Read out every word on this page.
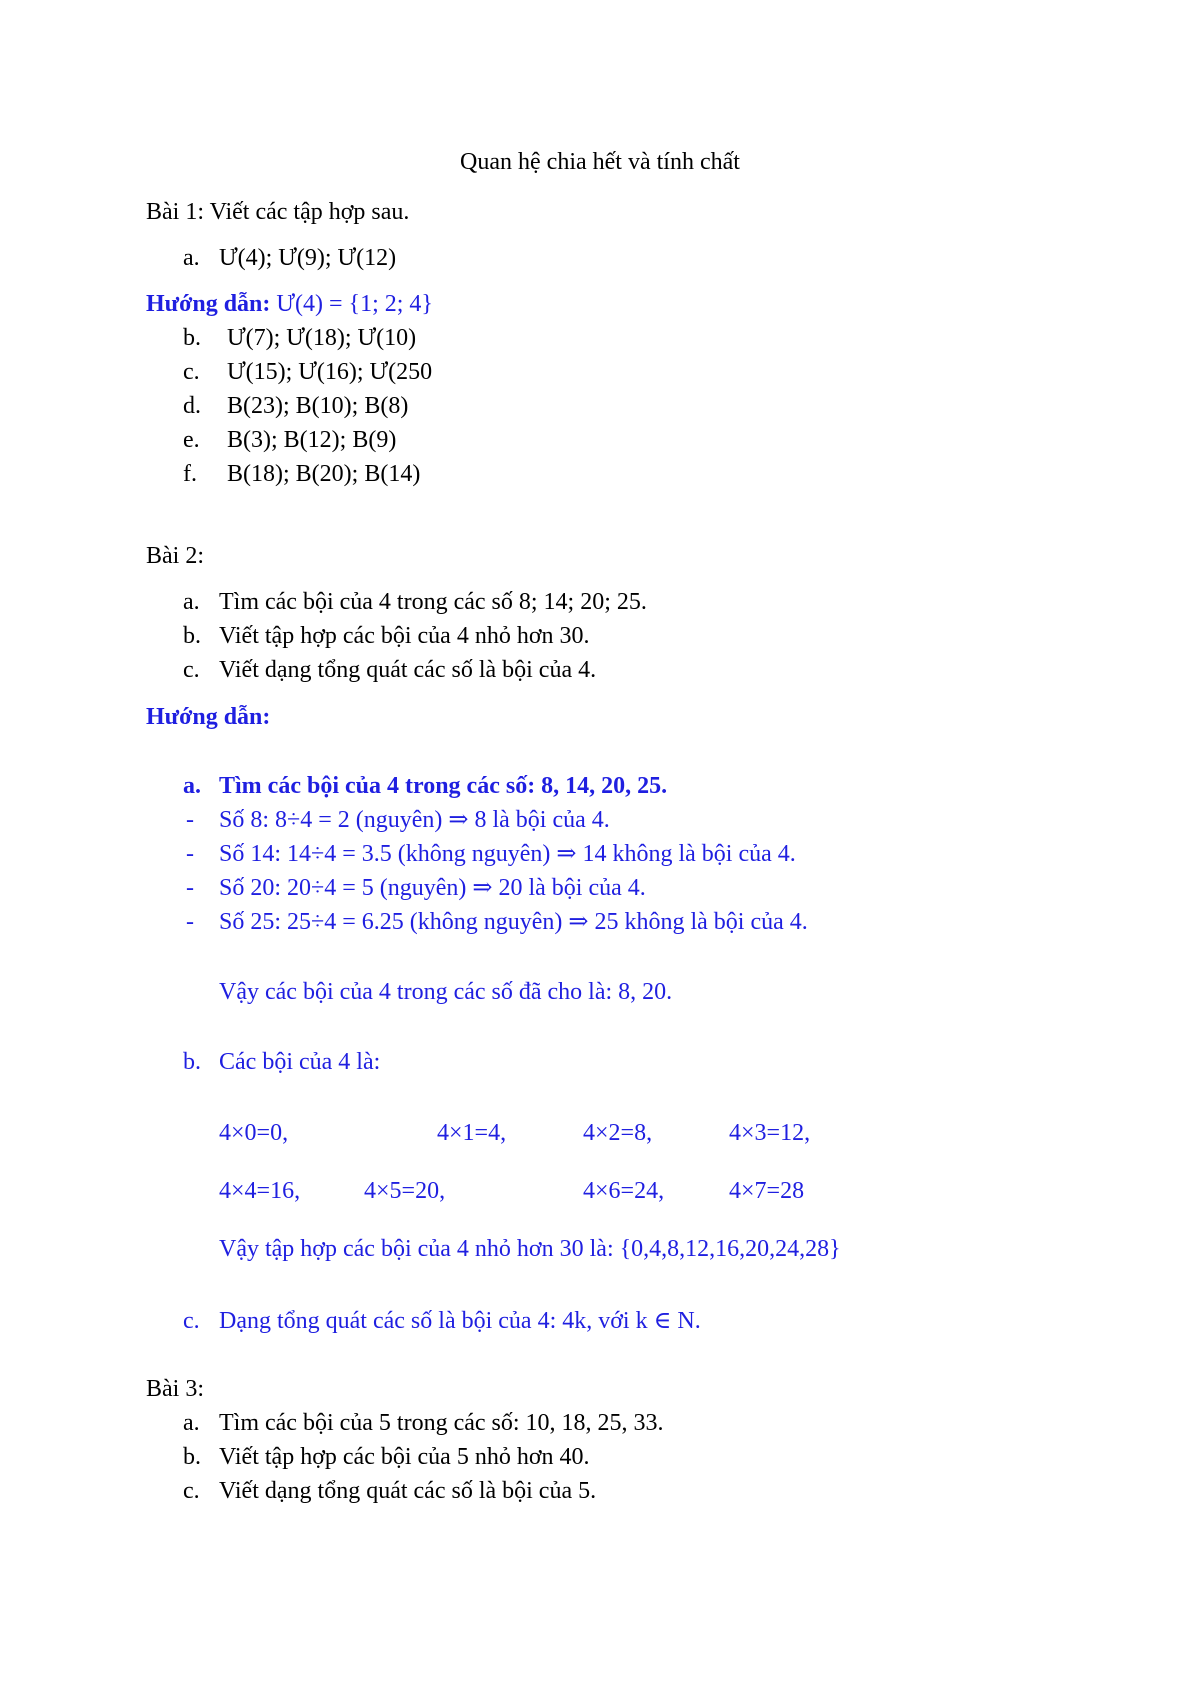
Quan hệ chia hết và tính chất
Bài 1: Viết các tập hợp sau.
a. Ư(4); Ư(9); Ư(12)
Hướng dẫn: Ư(4) = {1; 2; 4}
b. Ư(7); Ư(18); Ư(10)
c. Ư(15); Ư(16); Ư(250
d. B(23); B(10); B(8)
e. B(3); B(12); B(9)
f. B(18); B(20); B(14)
Bài 2:
a. Tìm các bội của 4 trong các số 8; 14; 20; 25.
b. Viết tập hợp các bội của 4 nhỏ hơn 30.
c. Viết dạng tổng quát các số là bội của 4.
Hướng dẫn:
a. Tìm các bội của 4 trong các số: 8, 14, 20, 25.
- Số 8: 8÷4 = 2 (nguyên) ⇒ 8 là bội của 4.
- Số 14: 14÷4 = 3.5 (không nguyên) ⇒ 14 không là bội của 4.
- Số 20: 20÷4 = 5 (nguyên) ⇒ 20 là bội của 4.
- Số 25: 25÷4 = 6.25 (không nguyên) ⇒ 25 không là bội của 4.
Vậy các bội của 4 trong các số đã cho là: 8, 20.
b. Các bội của 4 là:
4×0=0,	4×1=4,	4×2=8,	4×3=12,
4×4=16,	4×5=20,	4×6=24,	4×7=28
Vậy tập hợp các bội của 4 nhỏ hơn 30 là: {0,4,8,12,16,20,24,28}
c. Dạng tổng quát các số là bội của 4: 4k, với k ∈ N.
Bài 3:
a. Tìm các bội của 5 trong các số: 10, 18, 25, 33.
b. Viết tập hợp các bội của 5 nhỏ hơn 40.
c. Viết dạng tổng quát các số là bội của 5.
